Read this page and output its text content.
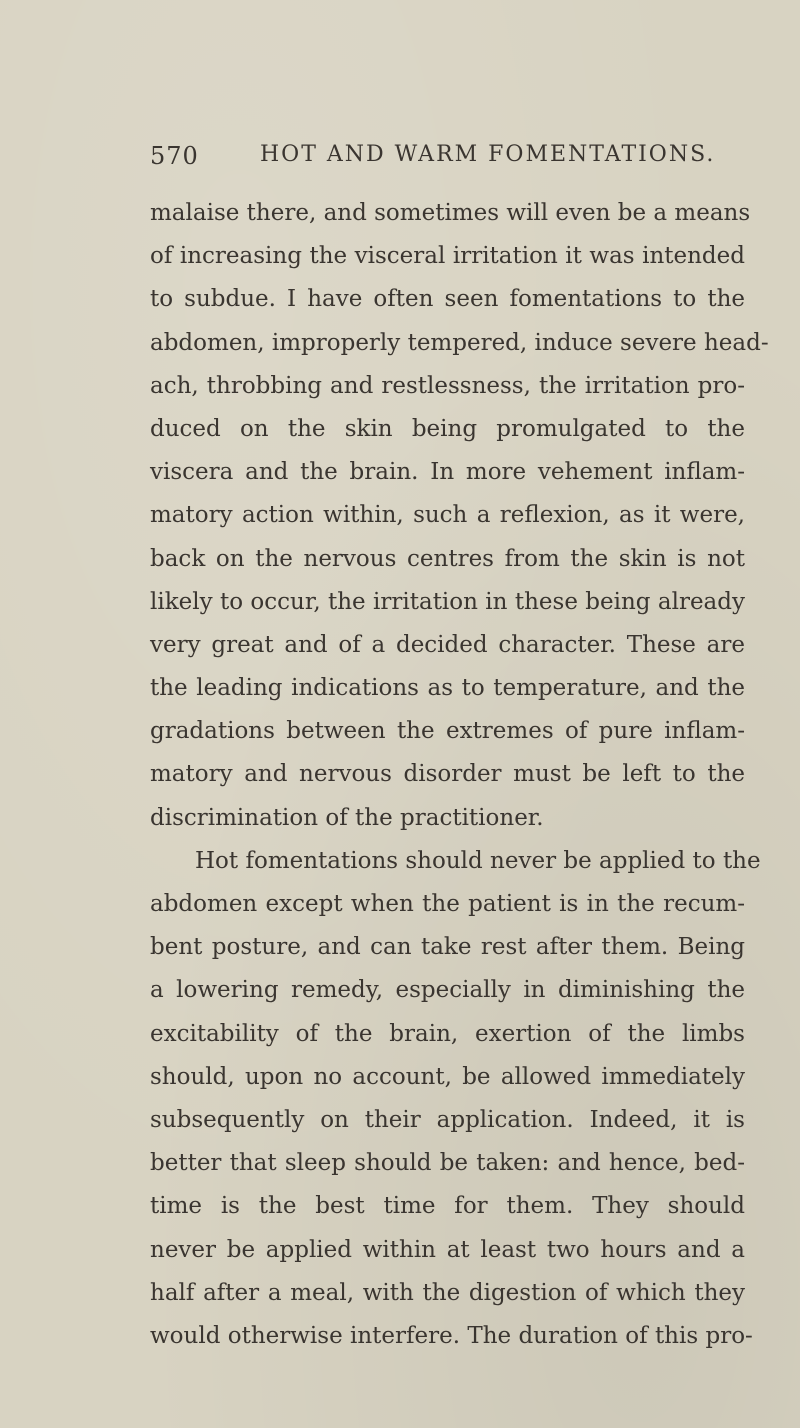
570	HOT AND WARM FOMENTATIONS.
malaise there, and sometimes will even be a means
of increasing the visceral irritation it was intended
to subdue. I have often seen fomentations to the
abdomen, improperly tempered, induce severe head-
ach, throbbing and restlessness, the irritation pro-
duced on the skin being promulgated to the
viscera and the brain. In more vehement inflam-
matory action within, such a reflexion, as it were,
back on the nervous centres from the skin is not
likely to occur, the irritation in these being already
very great and of a decided character. These are
the leading indications as to temperature, and the
gradations between the extremes of pure inflam-
matory and nervous disorder must be left to the
discrimination of the practitioner.
Hot fomentations should never be applied to the
abdomen except when the patient is in the recum-
bent posture, and can take rest after them. Being
a lowering remedy, especially in diminishing the
excitability of the brain, exertion of the limbs
should, upon no account, be allowed immediately
subsequently on their application. Indeed, it is
better that sleep should be taken: and hence, bed-
time is the best time for them. They should
never be applied within at least two hours and a
half after a meal, with the digestion of which they
would otherwise interfere. The duration of this pro-
